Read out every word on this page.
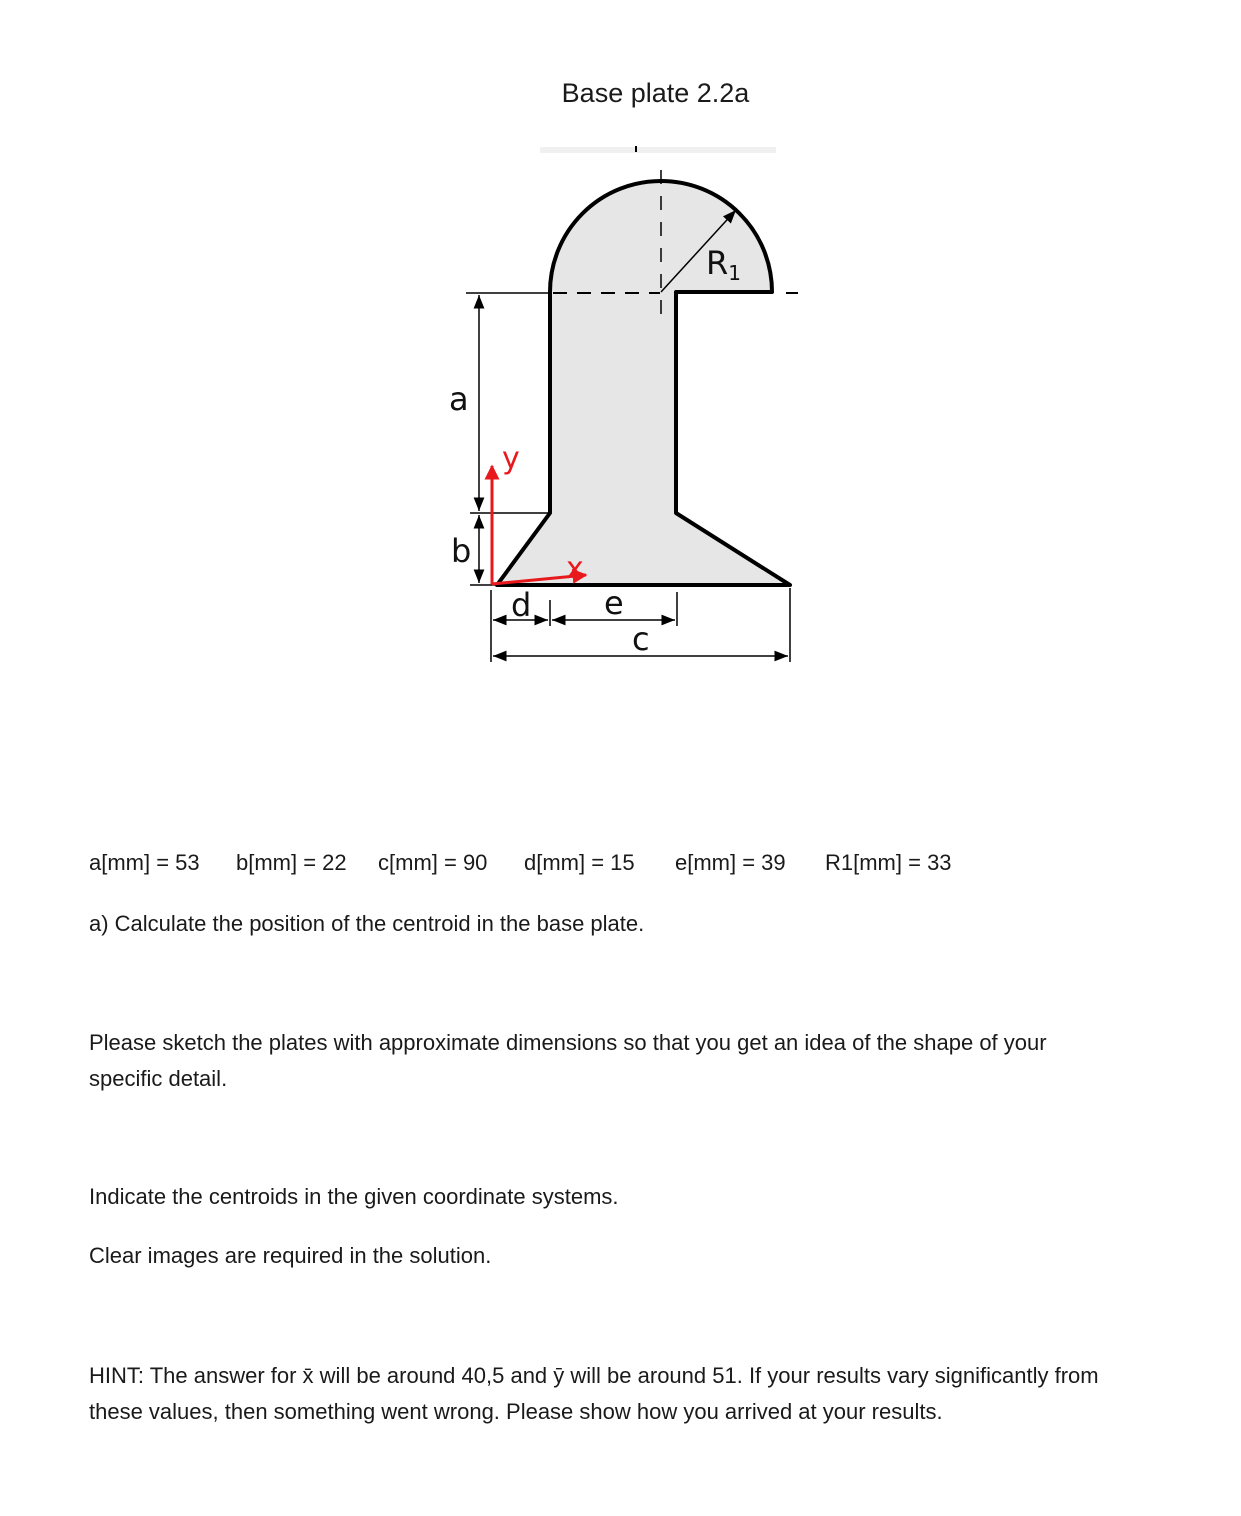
Base plate 2.2a
R1
a
b
d e
c
y
x
a[mm] = 53 b[mm] = 22 c[mm] = 90 d[mm] = 15 e[mm] = 39 R1[mm] = 33
a) Calculate the position of the centroid in the base plate.
Please sketch the plates with approximate dimensions so that you get an idea of the shape of your
specific detail.
Indicate the centroids in the given coordinate systems.
Clear images are required in the solution.
HINT: The answer for x̄ will be around 40,5 and ȳ will be around 51. If your results vary significantly from
these values, then something went wrong. Please show how you arrived at your results.
